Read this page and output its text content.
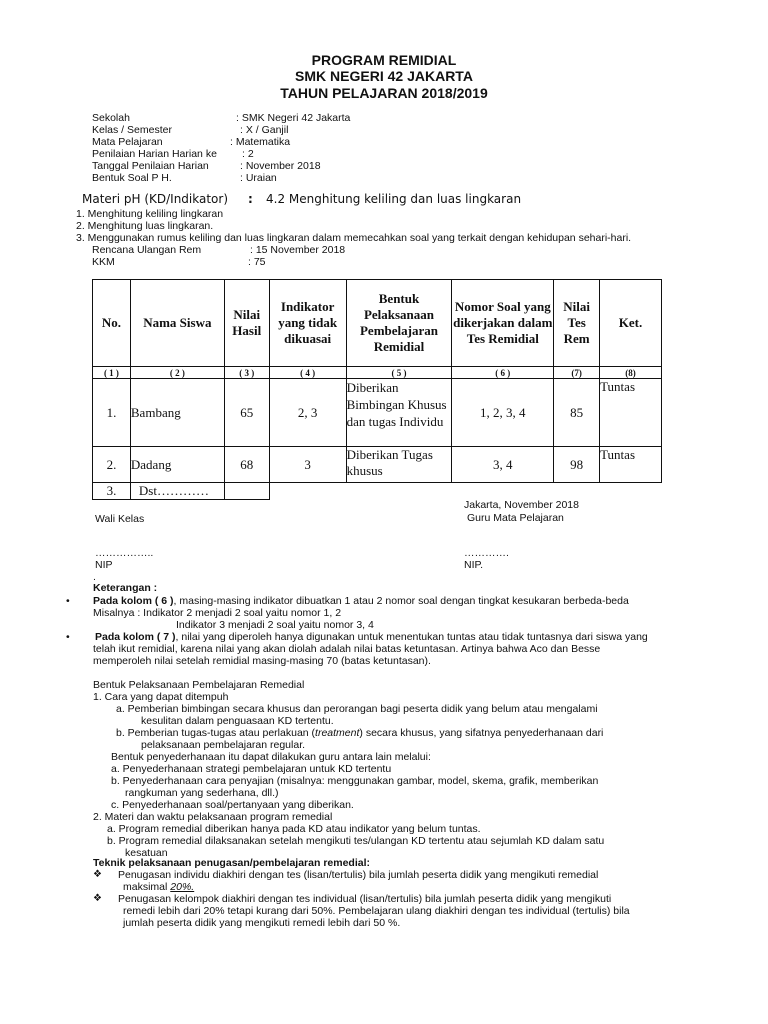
PROGRAM REMIDIAL
SMK NEGERI 42 JAKARTA
TAHUN PELAJARAN 2018/2019
Sekolah	: SMK Negeri 42 Jakarta
Kelas / Semester	: X / Ganjil
Mata Pelajaran	: Matematika
Penilaian Harian Harian ke : 2
Tanggal Penilaian Harian	: November 2018
Bentuk Soal P H.	: Uraian
Materi pH (KD/Indikator) : 4.2 Menghitung keliling dan luas lingkaran
1. Menghitung keliling lingkaran
2. Menghitung luas lingkaran.
3. Menggunakan rumus keliling dan luas lingkaran dalam memecahkan soal yang terkait dengan kehidupan sehari-hari.
Rencana Ulangan Rem	: 15 November 2018
KKM	: 75
No.	Nama Siswa	Nilai Hasil	Indikator yang tidak dikuasai	Bentuk Pelaksanaan Pembelajaran Remidial	Nomor Soal yang dikerjakan dalam Tes Remidial	Nilai Tes Rem	Ket.
( 1 )	( 2 )	( 3 )	( 4 )	( 5 )	( 6 )	(7)	(8)
1.	Bambang	65	2, 3	Diberikan Bimbingan Khusus dan tugas Individu	1, 2, 3, 4	85	Tuntas
2.	Dadang	68	3	Diberikan Tugas khusus	3, 4	98	Tuntas
3.	Dst…………						
Jakarta, November 2018
Wali Kelas	Guru Mata Pelajaran
……………..	………….
NIP	NIP.
.
Keterangan :
• Pada kolom ( 6 ), masing-masing indikator dibuatkan 1 atau 2 nomor soal dengan tingkat kesukaran berbeda-beda
Misalnya : Indikator 2 menjadi 2 soal yaitu nomor 1, 2
Indikator 3 menjadi 2 soal yaitu nomor 3, 4
• Pada kolom ( 7 ), nilai yang diperoleh hanya digunakan untuk menentukan tuntas atau tidak tuntasnya dari siswa yang
telah ikut remidial, karena nilai yang akan diolah adalah nilai batas ketuntasan. Artinya bahwa Aco dan Besse
memperoleh nilai setelah remidial masing-masing 70 (batas ketuntasan).
Bentuk Pelaksanaan Pembelajaran Remedial
1. Cara yang dapat ditempuh
a. Pemberian bimbingan secara khusus dan perorangan bagi peserta didik yang belum atau mengalami
kesulitan dalam penguasaan KD tertentu.
b. Pemberian tugas-tugas atau perlakuan (treatment) secara khusus, yang sifatnya penyederhanaan dari
pelaksanaan pembelajaran regular.
Bentuk penyederhanaan itu dapat dilakukan guru antara lain melalui:
a. Penyederhanaan strategi pembelajaran untuk KD tertentu
b. Penyederhanaan cara penyajian (misalnya: menggunakan gambar, model, skema, grafik, memberikan
rangkuman yang sederhana, dll.)
c. Penyederhanaan soal/pertanyaan yang diberikan.
2. Materi dan waktu pelaksanaan program remedial
a. Program remedial diberikan hanya pada KD atau indikator yang belum tuntas.
b. Program remedial dilaksanakan setelah mengikuti tes/ulangan KD tertentu atau sejumlah KD dalam satu
kesatuan
Teknik pelaksanaan penugasan/pembelajaran remedial:
❖ Penugasan individu diakhiri dengan tes (lisan/tertulis) bila jumlah peserta didik yang mengikuti remedial
maksimal 20%.
❖ Penugasan kelompok diakhiri dengan tes individual (lisan/tertulis) bila jumlah peserta didik yang mengikuti
remedi lebih dari 20% tetapi kurang dari 50%. Pembelajaran ulang diakhiri dengan tes individual (tertulis) bila
jumlah peserta didik yang mengikuti remedi lebih dari 50 %.
